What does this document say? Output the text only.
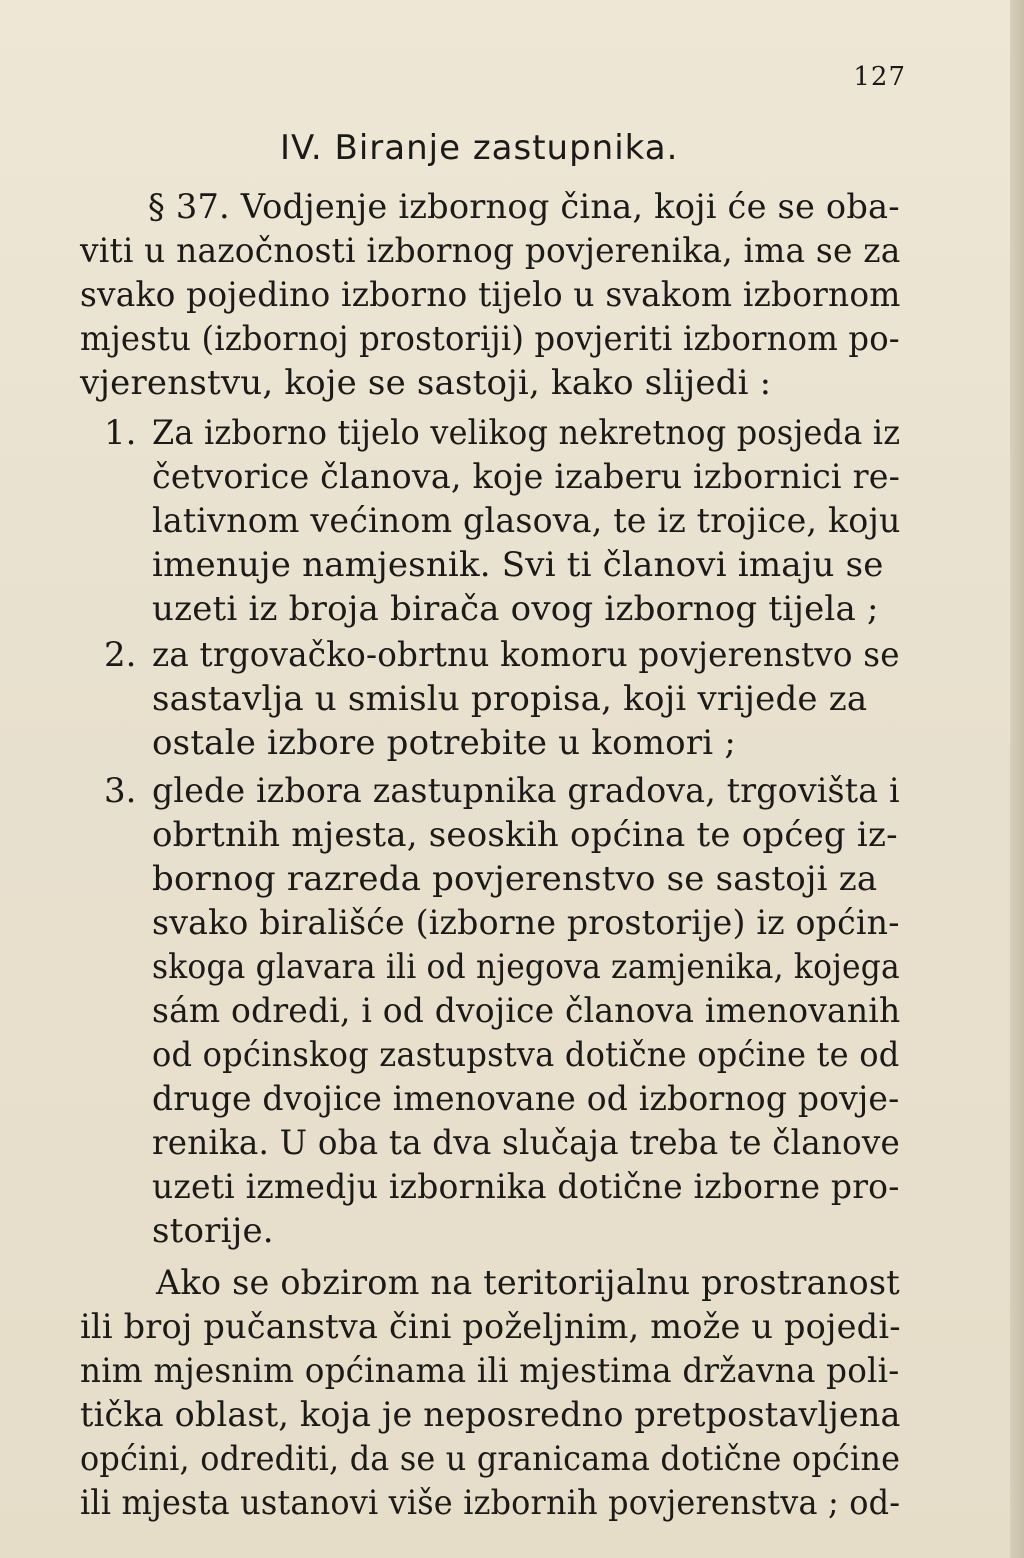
127
IV. Biranje zastupnika.
§ 37. Vodjenje izbornog čina, koji će se oba-
viti u nazočnosti izbornog povjerenika, ima se za
svako pojedino izborno tijelo u svakom izbornom
mjestu (izbornoj prostoriji) povjeriti izbornom po-
vjerenstvu, koje se sastoji, kako slijedi :
1. Za izborno tijelo velikog nekretnog posjeda iz
četvorice članova, koje izaberu izbornici re-
lativnom većinom glasova, te iz trojice, koju
imenuje namjesnik. Svi ti članovi imaju se
uzeti iz broja birača ovog izbornog tijela ;
2. za trgovačko-obrtnu komoru povjerenstvo se
sastavlja u smislu propisa, koji vrijede za
ostale izbore potrebite u komori ;
3. glede izbora zastupnika gradova, trgovišta i
obrtnih mjesta, seoskih općina te općeg iz-
bornog razreda povjerenstvo se sastoji za
svako birališće (izborne prostorije) iz općin-
skoga glavara ili od njegova zamjenika, kojega
sám odredi, i od dvojice članova imenovanih
od općinskog zastupstva dotične općine te od
druge dvojice imenovane od izbornog povje-
renika. U oba ta dva slučaja treba te članove
uzeti izmedju izbornika dotične izborne pro-
storije.
Ako se obzirom na teritorijalnu prostranost
ili broj pučanstva čini poželjnim, može u pojedi-
nim mjesnim općinama ili mjestima državna poli-
tička oblast, koja je neposredno pretpostavljena
općini, odrediti, da se u granicama dotične općine
ili mjesta ustanovi više izbornih povjerenstva ; od-
